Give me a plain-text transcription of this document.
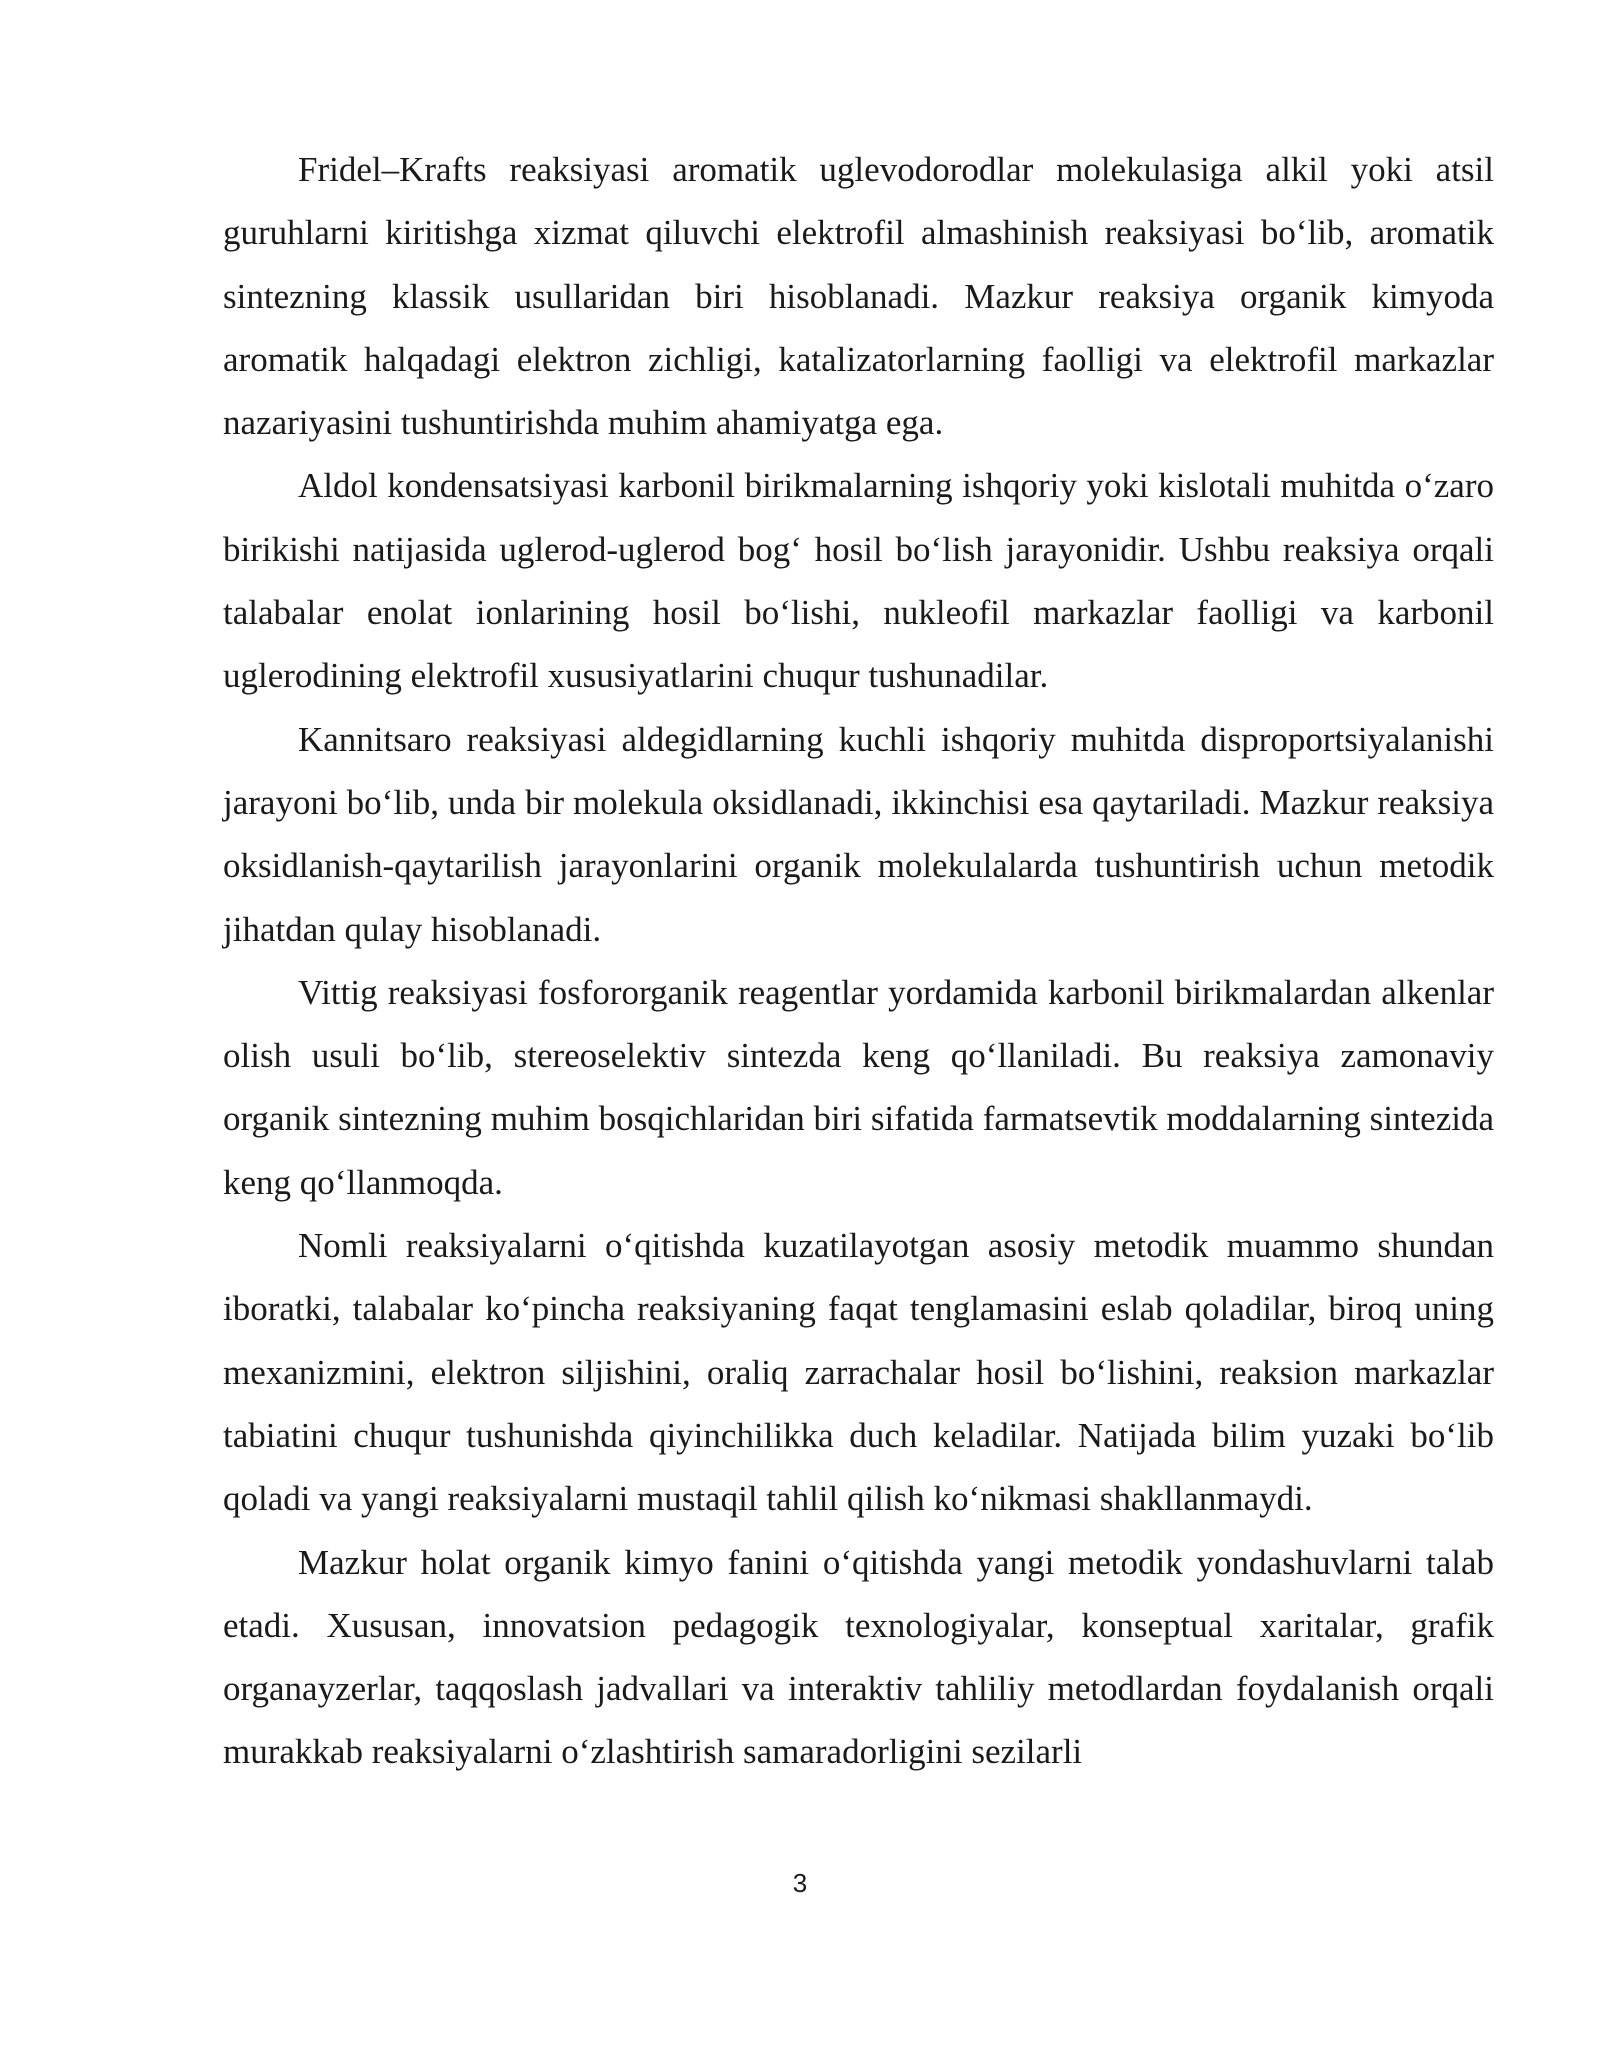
Fridel–Krafts reaksiyasi aromatik uglevodorodlar molekulasiga alkil yoki atsil guruhlarni kiritishga xizmat qiluvchi elektrofil almashinish reaksiyasi bo‘lib, aromatik sintezning klassik usullaridan biri hisoblanadi. Mazkur reaksiya organik kimyoda aromatik halqadagi elektron zichligi, katalizatorlarning faolligi va elektrofil markazlar nazariyasini tushuntirishda muhim ahamiyatga ega.

Aldol kondensatsiyasi karbonil birikmalarning ishqoriy yoki kislotali muhitda o‘zaro birikishi natijasida uglerod-uglerod bog‘ hosil bo‘lish jarayonidir. Ushbu reaksiya orqali talabalar enolat ionlarining hosil bo‘lishi, nukleofil markazlar faolligi va karbonil uglerodining elektrofil xususiyatlarini chuqur tushunadilar.

Kannitsaro reaksiyasi aldegidlarning kuchli ishqoriy muhitda disproportsiyalanishi jarayoni bo‘lib, unda bir molekula oksidlanadi, ikkinchisi esa qaytariladi. Mazkur reaksiya oksidlanish-qaytarilish jarayonlarini organik molekulalarda tushuntirish uchun metodik jihatdan qulay hisoblanadi.

Vittig reaksiyasi fosfororganik reagentlar yordamida karbonil birikmalardan alkenlar olish usuli bo‘lib, stereoselektiv sintezda keng qo‘llaniladi. Bu reaksiya zamonaviy organik sintezning muhim bosqichlaridan biri sifatida farmatsevtik moddalarning sintezida keng qo‘llanmoqda.

Nomli reaksiyalarni o‘qitishda kuzatilayotgan asosiy metodik muammo shundan iboratki, talabalar ko‘pincha reaksiyaning faqat tenglamasini eslab qoladilar, biroq uning mexanizmini, elektron siljishini, oraliq zarrachalar hosil bo‘lishini, reaksion markazlar tabiatini chuqur tushunishda qiyinchilikka duch keladilar. Natijada bilim yuzaki bo‘lib qoladi va yangi reaksiyalarni mustaqil tahlil qilish ko‘nikmasi shakllanmaydi.

Mazkur holat organik kimyo fanini o‘qitishda yangi metodik yondashuvlarni talab etadi. Xususan, innovatsion pedagogik texnologiyalar, konseptual xaritalar, grafik organayzerlar, taqqoslash jadvallari va interaktiv tahliliy metodlardan foydalanish orqali murakkab reaksiyalarni o‘zlashtirish samaradorligini sezilarli

3
